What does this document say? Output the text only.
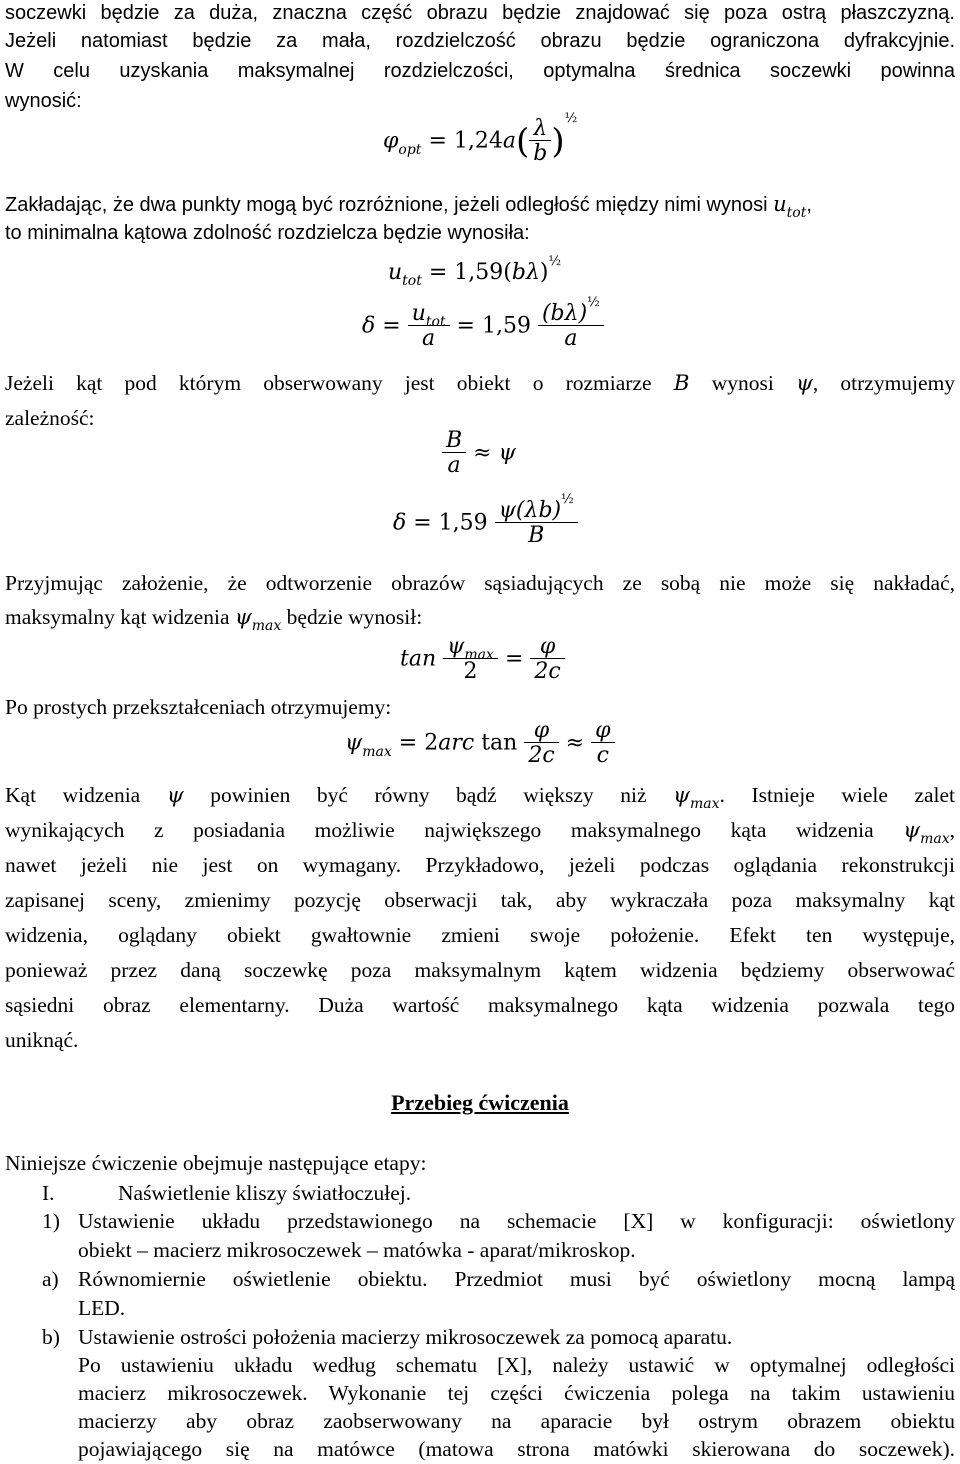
soczewki będzie za duża, znaczna część obrazu będzie znajdować się poza ostrą płaszczyzną.
Jeżeli natomiast będzie za mała, rozdzielczość obrazu będzie ograniczona dyfrakcyjnie.
W celu uzyskania maksymalnej rozdzielczości, optymalna średnica soczewki powinna
wynosić:
$\varphi_{opt} = 1,24a( \frac{\lambda}{b} )^{\frac{1}{2}}$
Zakładając, że dwa punkty mogą być rozróżnione, jeżeli odległość między nimi wynosi $u_{tot}$,
to minimalna kątowa zdolność rozdzielcza będzie wynosiła:
$u_{tot} = 1,59(b\lambda)^{\frac{1}{2}}$
$\delta = \frac{u_{tot}}{a} = 1,59 \frac{(b\lambda)^{\frac{1}{2}}}{a}$
Jeżeli kąt pod którym obserwowany jest obiekt o rozmiarze B wynosi ψ, otrzymujemy
zależność:
$\frac{B}{a} \approx \psi$
$\delta = 1,59 \frac{\psi(\lambda b)^{\frac{1}{2}}}{B}$
Przyjmując założenie, że odtworzenie obrazów sąsiadujących ze sobą nie może się nakładać,
maksymalny kąt widzenia $\psi_{max}$ będzie wynosił:
$\tan \frac{\psi_{max}}{2} = \frac{\varphi}{2c}$
Po prostych przekształceniach otrzymujemy:
$\psi_{max} = 2arc$ $\tan \frac{\varphi}{2c} \approx \frac{\varphi}{c}$
Kąt widzenia ψ powinien być równy bądź większy niż $\psi_{max}$. Istnieje wiele zalet
wynikających z posiadania możliwie największego maksymalnego kąta widzenia $\psi_{max}$,
nawet jeżeli nie jest on wymagany. Przykładowo, jeżeli podczas oglądania rekonstrukcji
zapisanej sceny, zmienimy pozycję obserwacji tak, aby wykraczała poza maksymalny kąt
widzenia, oglądany obiekt gwałtownie zmieni swoje położenie. Efekt ten występuje,
ponieważ przez daną soczewkę poza maksymalnym kątem widzenia będziemy obserwować
sąsiedni obraz elementarny. Duża wartość maksymalnego kąta widzenia pozwala tego
uniknąć.
Przebieg ćwiczenia
Niniejsze ćwiczenie obejmuje następujące etapy:
I.	Naświetlenie kliszy światłoczułej.
1) Ustawienie układu przedstawionego na schemacie [X] w konfiguracji: oświetlony
obiekt – macierz mikrosoczewek – matówka - aparat/mikroskop.
a) Równomiernie oświetlenie obiektu. Przedmiot musi być oświetlony mocną lampą
LED.
b) Ustawienie ostrości położenia macierzy mikrosoczewek za pomocą aparatu.
Po ustawieniu układu według schematu [X], należy ustawić w optymalnej odległości
macierz mikrosoczewek. Wykonanie tej części ćwiczenia polega na takim ustawieniu
macierzy aby obraz zaobserwowany na aparacie był ostrym obrazem obiektu
pojawiającego się na matówce (matowa strona matówki skierowana do soczewek).
